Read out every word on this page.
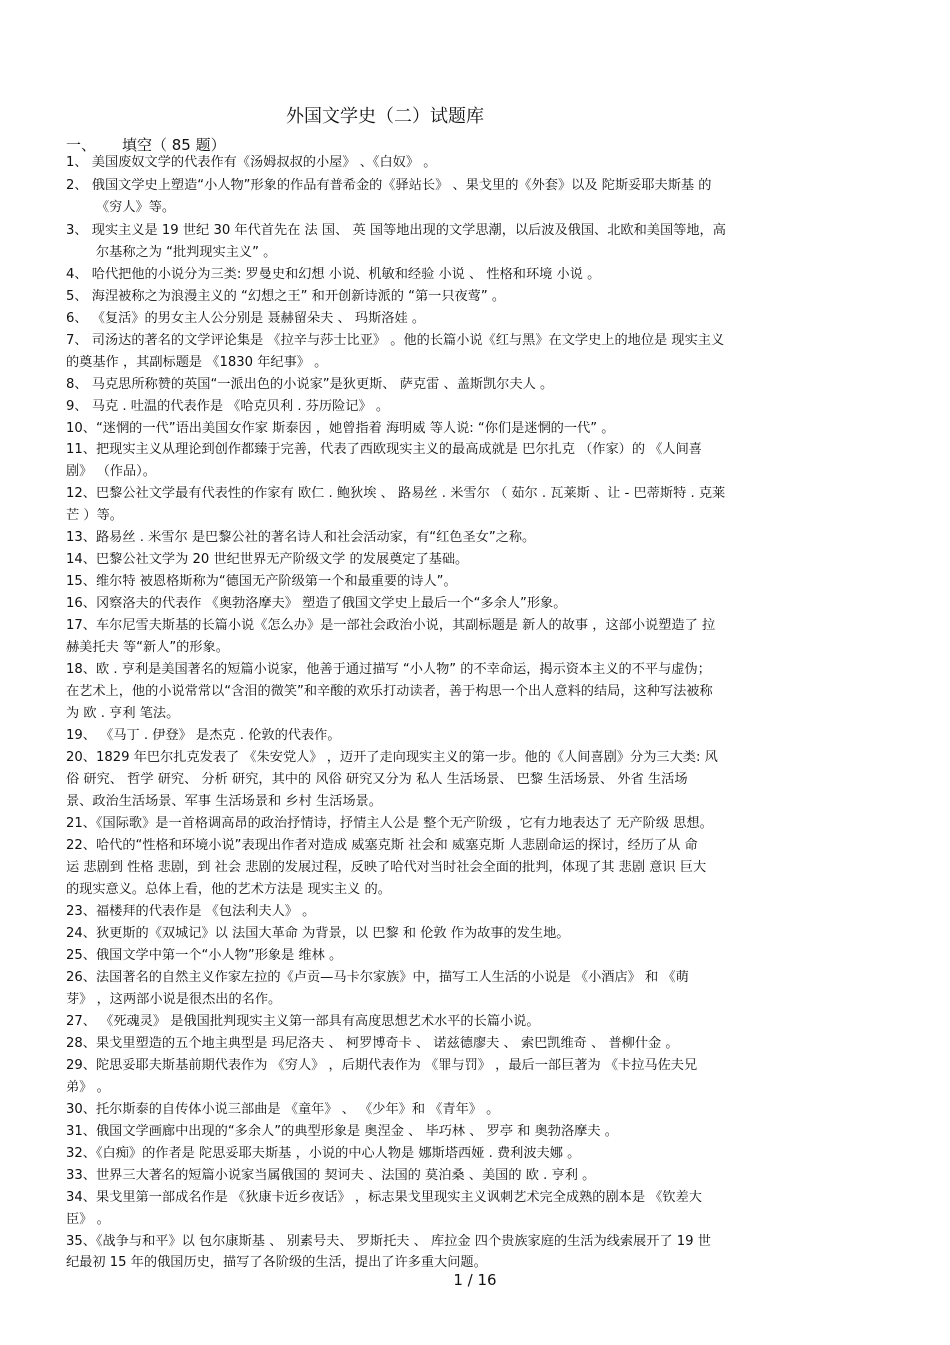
外国文学史（二）试题库
一、 填空（ 85 题）
1、 美国废奴文学的代表作有《汤姆叔叔的小屋》 、《白奴》 。
2、 俄国文学史上塑造“小人物”形象的作品有普希金的《驿站长》 、果戈里的《外套》以及 陀斯妥耶夫斯基 的
《穷人》等。
3、 现实主义是 19 世纪 30 年代首先在 法 国、 英 国等地出现的文学思潮，以后波及俄国、北欧和美国等地，高
尔基称之为 “批判现实主义” 。
4、 哈代把他的小说分为三类: 罗曼史和幻想 小说、机敏和经验 小说 、 性格和环境 小说 。
5、 海涅被称之为浪漫主义的 “幻想之王” 和开创新诗派的 “第一只夜莺” 。
6、 《复活》的男女主人公分别是 聂赫留朵夫 、 玛斯洛娃 。
7、 司汤达的著名的文学评论集是 《拉辛与莎士比亚》 。他的长篇小说《红与黑》在文学史上的地位是 现实主义
的奠基作 ，其副标题是 《1830 年纪事》 。
8、 马克思所称赞的英国“一派出色的小说家”是狄更斯、 萨克雷 、盖斯凯尔夫人 。
9、 马克 . 吐温的代表作是 《哈克贝利 . 芬历险记》 。
10、“迷惘的一代”语出美国女作家 斯泰因 ，她曾指着 海明威 等人说: “你们是迷惘的一代” 。
11、把现实主义从理论到创作都臻于完善，代表了西欧现实主义的最高成就是 巴尔扎克 （作家）的 《人间喜
剧》 （作品）。
12、巴黎公社文学最有代表性的作家有 欧仁 . 鲍狄埃 、 路易丝 . 米雪尔 （ 茹尔 . 瓦莱斯 、让 - 巴蒂斯特 . 克莱
芒 ）等。
13、路易丝 . 米雪尔 是巴黎公社的著名诗人和社会活动家，有“红色圣女”之称。
14、巴黎公社文学为 20 世纪世界无产阶级文学 的发展奠定了基础。
15、维尔特 被恩格斯称为“德国无产阶级第一个和最重要的诗人”。
16、冈察洛夫的代表作 《奥勃洛摩夫》 塑造了俄国文学史上最后一个“多余人”形象。
17、车尔尼雪夫斯基的长篇小说《怎么办》是一部社会政治小说，其副标题是 新人的故事 ，这部小说塑造了 拉
赫美托夫 等“新人”的形象。
18、欧 . 亨利是美国著名的短篇小说家，他善于通过描写 “小人物” 的不幸命运，揭示资本主义的不平与虚伪；
在艺术上，他的小说常常以“含泪的微笑”和辛酸的欢乐打动读者，善于构思一个出人意料的结局，这种写法被称
为 欧 . 亨利 笔法。
19、 《马丁 . 伊登》 是杰克 . 伦敦的代表作。
20、1829 年巴尔扎克发表了 《朱安党人》 ，迈开了走向现实主义的第一步。他的《人间喜剧》分为三大类: 风
俗 研究、 哲学 研究、 分析 研究，其中的 风俗 研究又分为 私人 生活场景、 巴黎 生活场景、 外省 生活场
景、政治生活场景、军事 生活场景和 乡村 生活场景。
21、《国际歌》是一首格调高昂的政治抒情诗，抒情主人公是 整个无产阶级 ，它有力地表达了 无产阶级 思想。
22、哈代的“性格和环境小说”表现出作者对造成 威塞克斯 社会和 威塞克斯 人悲剧命运的探讨，经历了从 命
运 悲剧到 性格 悲剧，到 社会 悲剧的发展过程，反映了哈代对当时社会全面的批判，体现了其 悲剧 意识 巨大
的现实意义。总体上看，他的艺术方法是 现实主义 的。
23、福楼拜的代表作是 《包法利夫人》 。
24、狄更斯的《双城记》以 法国大革命 为背景，以 巴黎 和 伦敦 作为故事的发生地。
25、俄国文学中第一个“小人物”形象是 维林 。
26、法国著名的自然主义作家左拉的《卢贡—马卡尔家族》中，描写工人生活的小说是 《小酒店》 和 《萌
芽》 ，这两部小说是很杰出的名作。
27、 《死魂灵》 是俄国批判现实主义第一部具有高度思想艺术水平的长篇小说。
28、果戈里塑造的五个地主典型是 玛尼洛夫 、 柯罗博奇卡 、 诺兹德廖夫 、 索巴凯维奇 、 普柳什金 。
29、陀思妥耶夫斯基前期代表作为 《穷人》 ，后期代表作为 《罪与罚》 ，最后一部巨著为 《卡拉马佐夫兄
弟》 。
30、托尔斯泰的自传体小说三部曲是 《童年》 、 《少年》和 《青年》 。
31、俄国文学画廊中出现的“多余人”的典型形象是 奥涅金 、 毕巧林 、 罗亭 和 奥勃洛摩夫 。
32、《白痴》的作者是 陀思妥耶夫斯基 ，小说的中心人物是 娜斯塔西娅 . 费利波夫娜 。
33、世界三大著名的短篇小说家当属俄国的 契诃夫 、法国的 莫泊桑 、美国的 欧 . 亨利 。
34、果戈里第一部成名作是 《狄康卡近乡夜话》 ，标志果戈里现实主义讽刺艺术完全成熟的剧本是 《钦差大
臣》 。
35、《战争与和平》以 包尔康斯基 、 别素号夫、 罗斯托夫 、 库拉金 四个贵族家庭的生活为线索展开了 19 世
纪最初 15 年的俄国历史，描写了各阶级的生活，提出了许多重大问题。
1 / 16
